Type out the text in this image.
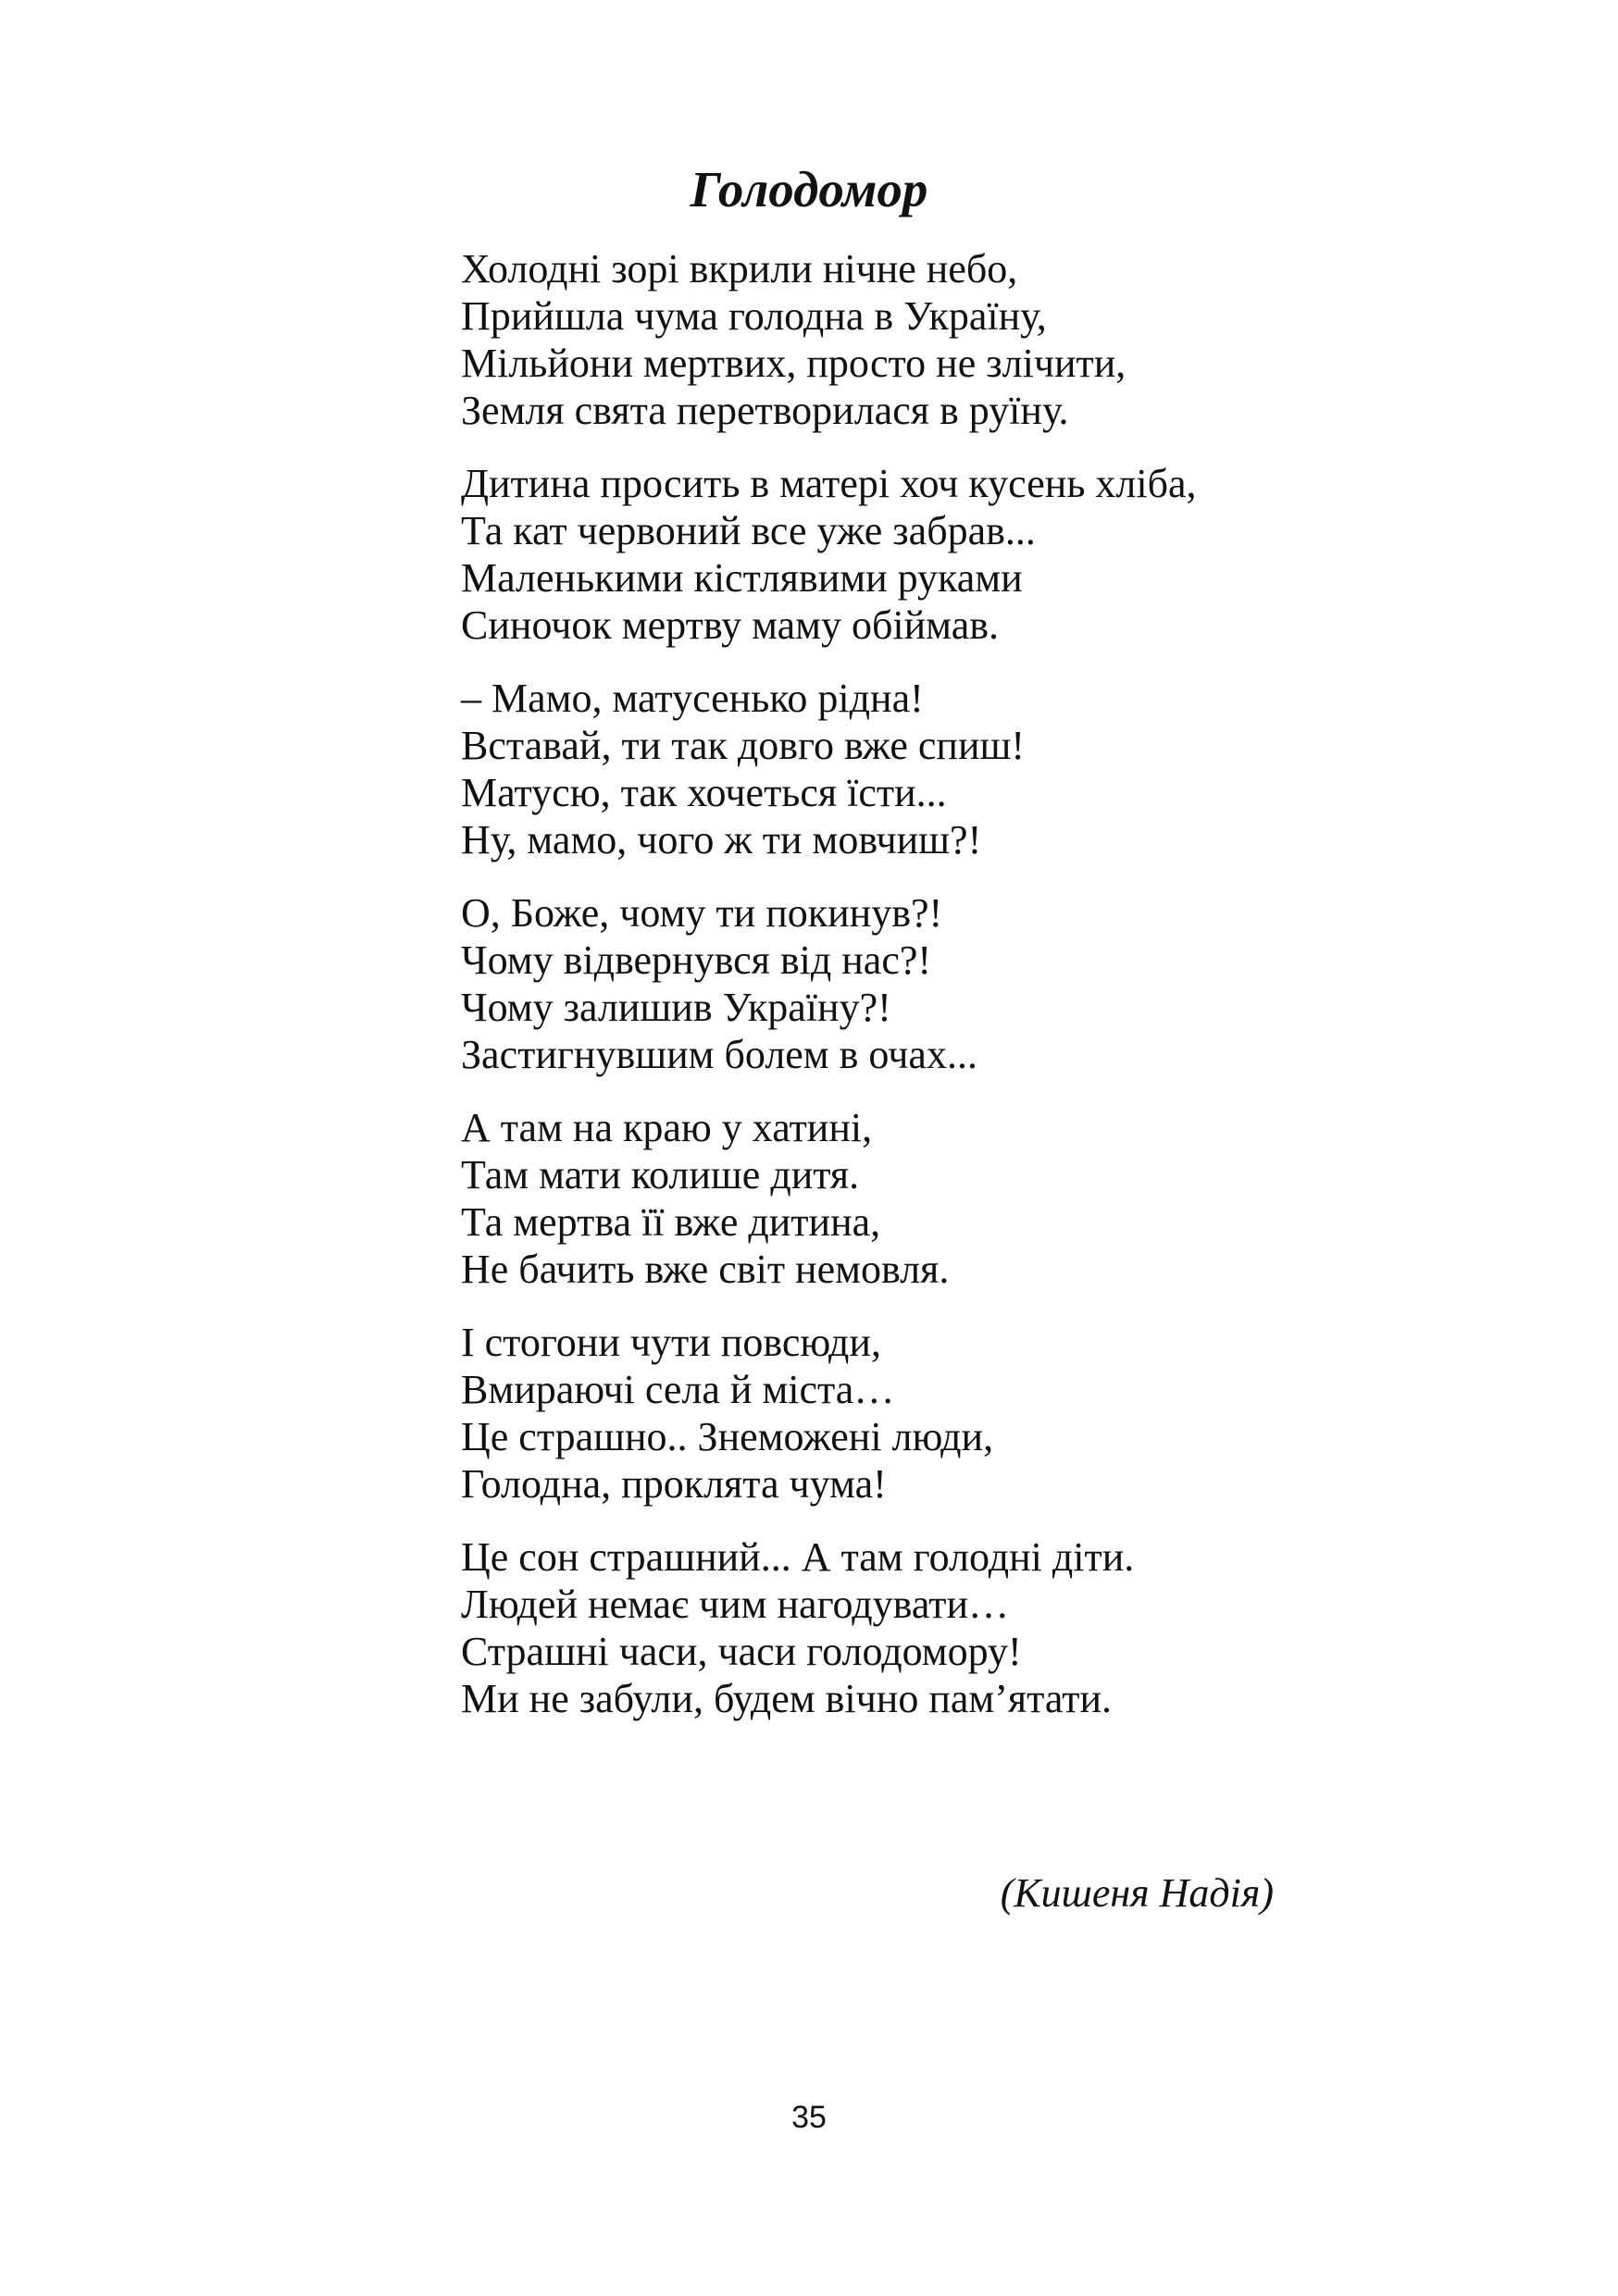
Голодомор
Холодні зорі вкрили нічне небо,
Прийшла чума голодна в Україну,
Мільйони мертвих, просто не злічити,
Земля свята перетворилася в руїну.
Дитина просить в матері хоч кусень хліба,
Та кат червоний все уже забрав...
Маленькими кістлявими руками
Синочок мертву маму обіймав.
– Мамо, матусенько рідна!
Вставай, ти так довго вже спиш!
Матусю, так хочеться їсти...
Ну, мамо, чого ж ти мовчиш?!
О, Боже, чому ти покинув?!
Чому відвернувся від нас?!
Чому залишив Україну?!
Застигнувшим болем в очах...
А там на краю у хатині,
Там мати колише дитя.
Та мертва її вже дитина,
Не бачить вже світ немовля.
І стогони чути повсюди,
Вмираючі села й міста…
Це страшно.. Знеможені люди,
Голодна, проклята чума!
Це сон страшний... А там голодні діти.
Людей немає чим нагодувати…
Страшні часи, часи голодомору!
Ми не забули, будем вічно пам’ятати.
(Кишеня Надія)
35
